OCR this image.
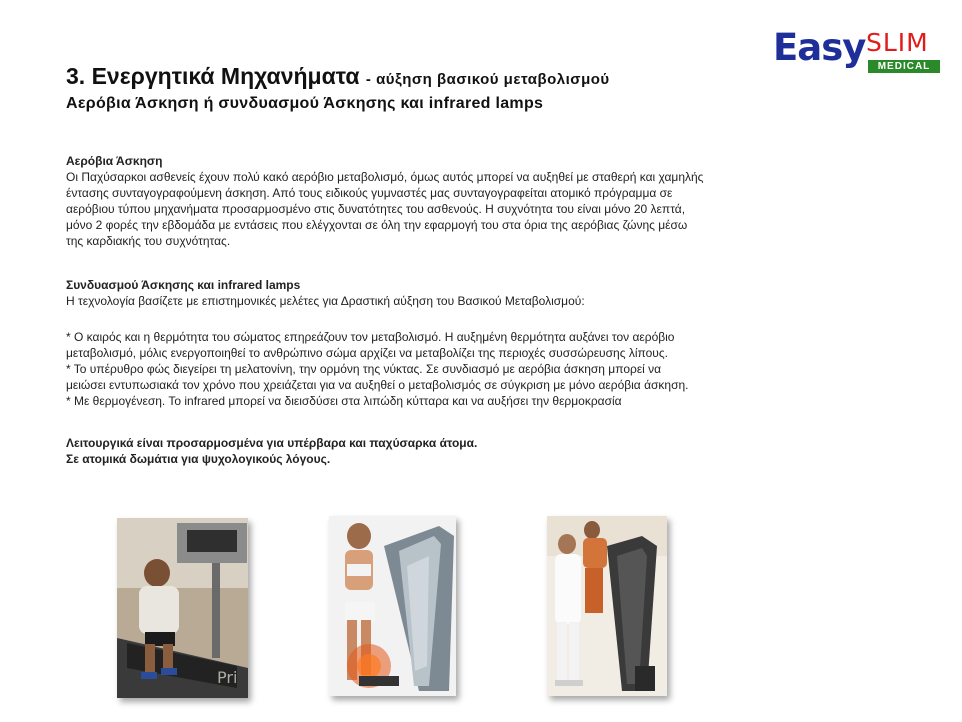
Easy SLIM
MEDICAL
3. Ενεργητικά Μηχανήματα - αύξηση βασικού μεταβολισμού
Αερόβια Άσκηση ή συνδυασμού Άσκησης και infrared lamps
Αερόβια Άσκηση
Οι Παχύσαρκοι ασθενείς έχουν πολύ κακό αερόβιο μεταβολισμό, όμως αυτός μπορεί να αυξηθεί με σταθερή και χαμηλής
έντασης συνταγογραφούμενη άσκηση. Από τους ειδικούς γυμναστές μας συνταγογραφείται ατομικό πρόγραμμα σε
αερόβιου τύπου μηχανήματα προσαρμοσμένο στις δυνατότητες του ασθενούς. Η συχνότητα του είναι μόνο 20 λεπτά,
μόνο 2 φορές την εβδομάδα με εντάσεις που ελέγχονται σε όλη την εφαρμογή του στα όρια της αερόβιας ζώνης μέσω
της καρδιακής του συχνότητας.
Συνδυασμού Άσκησης και infrared lamps
Η τεχνολογία βασίζετε με επιστημονικές μελέτες για Δραστική αύξηση του Βασικού Μεταβολισμού:
* Ο καιρός και η θερμότητα του σώματος επηρεάζουν τον μεταβολισμό. Η αυξημένη θερμότητα αυξάνει τον αερόβιο
μεταβολισμό, μόλις ενεργοποιηθεί το ανθρώπινο σώμα αρχίζει να μεταβολίζει της περιοχές συσσώρευσης λίπους.
* Το υπέρυθρο φώς διεγείρει τη μελατονίνη, την ορμόνη της νύκτας. Σε συνδιασμό με αερόβια άσκηση μπορεί να
μειώσει εντυπωσιακά τον χρόνο που χρειάζεται για να αυξηθεί ο μεταβολισμός σε σύγκριση με μόνο αερόβια άσκηση.
* Με θερμογένεση. Το infrared μπορεί να διεισδύσει στα λιπώδη κύτταρα και να αυξήσει την θερμοκρασία
Λειτουργικά είναι προσαρμοσμένα για υπέρβαρα και παχύσαρκα άτομα.
Σε ατομικά δωμάτια για ψυχολογικούς λόγους.
Pri
